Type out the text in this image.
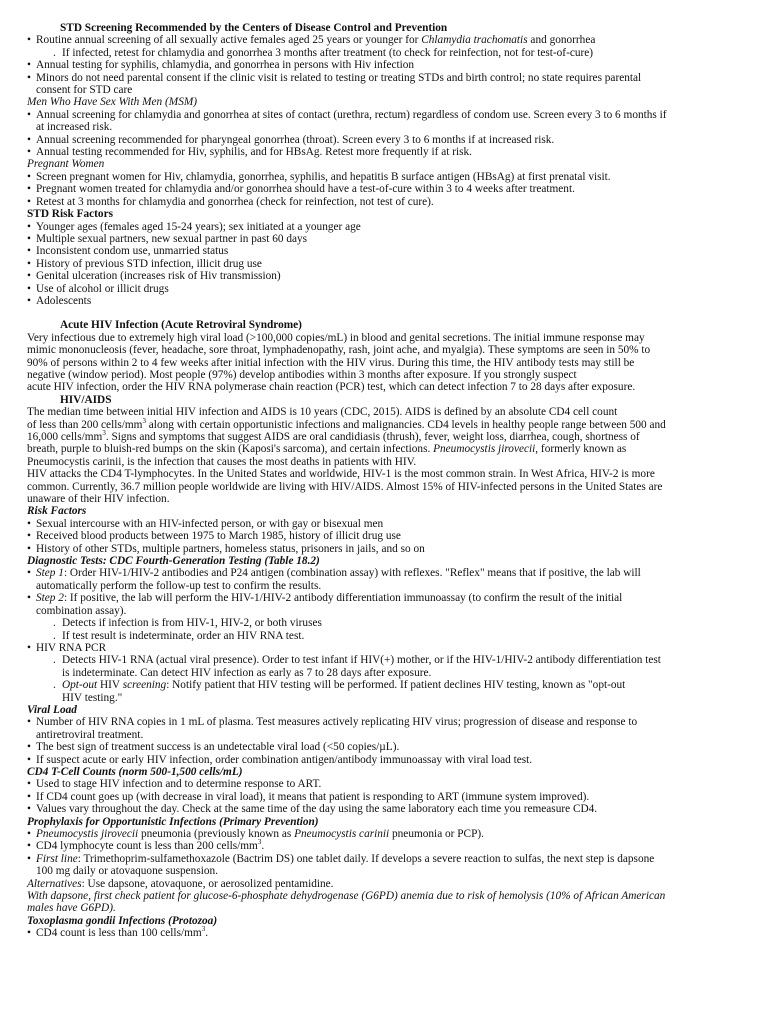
STD Screening Recommended by the Centers of Disease Control and Prevention
• Routine annual screening of all sexually active females aged 25 years or younger for Chlamydia trachomatis and gonorrhea
. If infected, retest for chlamydia and gonorrhea 3 months after treatment (to check for reinfection, not for test-of-cure)
• Annual testing for syphilis, chlamydia, and gonorrhea in persons with Hiv infection
• Minors do not need parental consent if the clinic visit is related to testing or treating STDs and birth control; no state requires parental
consent for STD care
Men Who Have Sex With Men (MSM)
• Annual screening for chlamydia and gonorrhea at sites of contact (urethra, rectum) regardless of condom use. Screen every 3 to 6 months if
at increased risk.
• Annual screening recommended for pharyngeal gonorrhea (throat). Screen every 3 to 6 months if at increased risk.
• Annual testing recommended for Hiv, syphilis, and for HBsAg. Retest more frequently if at risk.
Pregnant Women
• Screen pregnant women for Hiv, chlamydia, gonorrhea, syphilis, and hepatitis B surface antigen (HBsAg) at first prenatal visit.
• Pregnant women treated for chlamydia and/or gonorrhea should have a test-of-cure within 3 to 4 weeks after treatment.
• Retest at 3 months for chlamydia and gonorrhea (check for reinfection, not test of cure).
STD Risk Factors
• Younger ages (females aged 15-24 years); sex initiated at a younger age
• Multiple sexual partners, new sexual partner in past 60 days
• Inconsistent condom use, unmarried status
• History of previous STD infection, illicit drug use
• Genital ulceration (increases risk of Hiv transmission)
• Use of alcohol or illicit drugs
• Adolescents
Acute HIV Infection (Acute Retroviral Syndrome)
Very infectious due to extremely high viral load (>100,000 copies/mL) in blood and genital secretions. The initial immune response may
mimic mononucleosis (fever, headache, sore throat, lymphadenopathy, rash, joint ache, and myalgia). These symptoms are seen in 50% to
90% of persons within 2 to 4 few weeks after initial infection with the HIV virus. During this time, the HIV antibody tests may still be
negative (window period). Most people (97%) develop antibodies within 3 months after exposure. If you strongly suspect
acute HIV infection, order the HIV RNA polymerase chain reaction (PCR) test, which can detect infection 7 to 28 days after exposure.
HIV/AIDS
The median time between initial HIV infection and AIDS is 10 years (CDC, 2015). AIDS is defined by an absolute CD4 cell count
of less than 200 cells/$mm^3$ along with certain opportunistic infections and malignancies. CD4 levels in healthy people range between 500 and
16,000 cells/$mm^3$. Signs and symptoms that suggest AIDS are oral candidiasis (thrush), fever, weight loss, diarrhea, cough, shortness of
breath, purple to bluish-red bumps on the skin (Kaposi's sarcoma), and certain infections. Pneumocystis jirovecii, formerly known as
Pneumocystis carinii, is the infection that causes the most deaths in patients with HIV.
HIV attacks the CD4 T-lymphocytes. In the United States and worldwide, HIV-1 is the most common strain. In West Africa, HIV-2 is more
common. Currently, 36.7 million people worldwide are living with HIV/AIDS. Almost 15% of HIV-infected persons in the United States are
unaware of their HIV infection.
Risk Factors
• Sexual intercourse with an HIV-infected person, or with gay or bisexual men
• Received blood products between 1975 to March 1985, history of illicit drug use
• History of other STDs, multiple partners, homeless status, prisoners in jails, and so on
Diagnostic Tests: CDC Fourth-Generation Testing (Table 18.2)
• Step 1: Order HIV-1/HIV-2 antibodies and P24 antigen (combination assay) with reflexes. "Reflex" means that if positive, the lab will
automatically perform the follow-up test to confirm the results.
• Step 2: If positive, the lab will perform the HIV-1/HIV-2 antibody differentiation immunoassay (to confirm the result of the initial
combination assay).
. Detects if infection is from HIV-1, HIV-2, or both viruses
. If test result is indeterminate, order an HIV RNA test.
• HIV RNA PCR
. Detects HIV-1 RNA (actual viral presence). Order to test infant if HIV(+) mother, or if the HIV-1/HIV-2 antibody differentiation test
is indeterminate. Can detect HIV infection as early as 7 to 28 days after exposure.
. Opt-out HIV screening: Notify patient that HIV testing will be performed. If patient declines HIV testing, known as "opt-out
HIV testing."
Viral Load
• Number of HIV RNA copies in 1 mL of plasma. Test measures actively replicating HIV virus; progression of disease and response to
antiretroviral treatment.
• The best sign of treatment success is an undetectable viral load (<50 copies/µL).
• If suspect acute or early HIV infection, order combination antigen/antibody immunoassay with viral load test.
CD4 T-Cell Counts (norm 500-1,500 cells/mL)
• Used to stage HIV infection and to determine response to ART.
• If CD4 count goes up (with decrease in viral load), it means that patient is responding to ART (immune system improved).
• Values vary throughout the day. Check at the same time of the day using the same laboratory each time you remeasure CD4.
Prophylaxis for Opportunistic Infections (Primary Prevention)
• Pneumocystis jirovecii pneumonia (previously known as Pneumocystis carinii pneumonia or PCP).
• CD4 lymphocyte count is less than 200 cells/$mm^3$.
• First line: Trimethoprim-sulfamethoxazole (Bactrim DS) one tablet daily. If develops a severe reaction to sulfas, the next step is dapsone
100 mg daily or atovaquone suspension.
Alternatives: Use dapsone, atovaquone, or aerosolized pentamidine.
With dapsone, first check patient for glucose-6-phosphate dehydrogenase (G6PD) anemia due to risk of hemolysis (10% of African American
males have G6PD).
Toxoplasma gondii Infections (Protozoa)
• CD4 count is less than 100 cells/$mm^3$.
